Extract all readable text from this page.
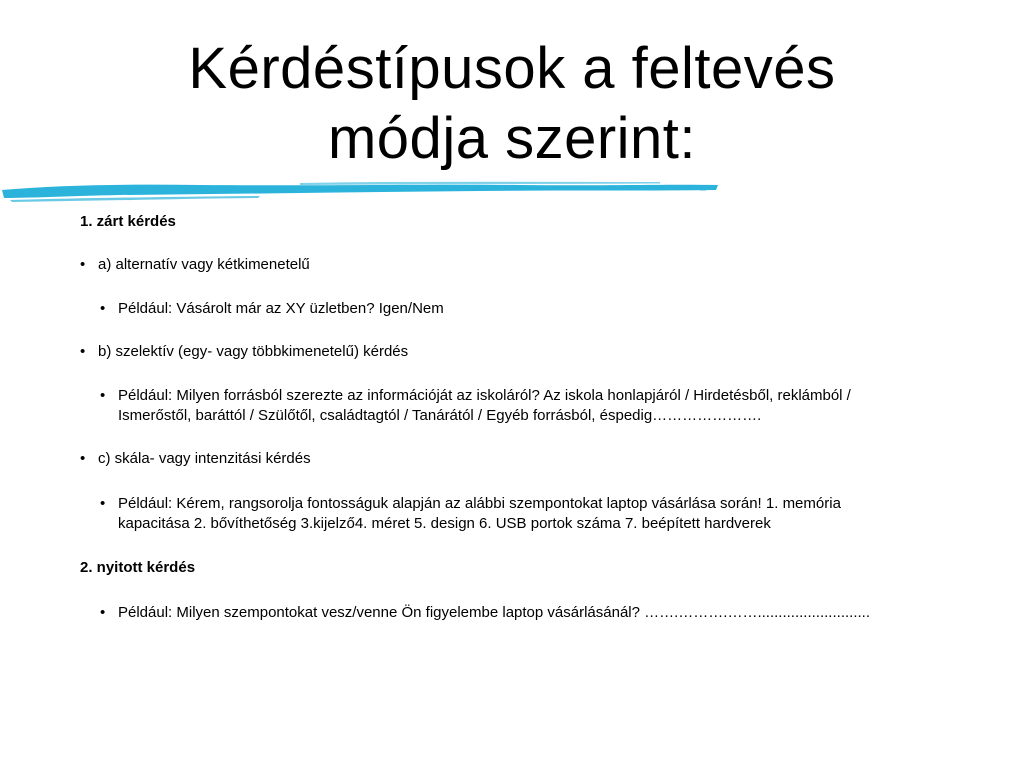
Kérdéstípusok a feltevés
módja szerint:

1. zárt kérdés

• a) alternatív vagy kétkimenetelű

• Például: Vásárolt már az XY üzletben? Igen/Nem

• b) szelektív (egy- vagy többkimenetelű) kérdés

• Például: Milyen forrásból szerezte az információját az iskoláról? Az iskola honlapjáról / Hirdetésből, reklámból / Ismerőstől, baráttól / Szülőtől, családtagtól / Tanárától / Egyéb forrásból, éspedig………………….

• c) skála- vagy intenzitási kérdés

• Például: Kérem, rangsorolja fontosságuk alapján az alábbi szempontokat laptop vásárlása során! 1. memória kapacitása 2. bővíthetőség 3.kijelző4. méret 5. design 6. USB portok száma 7. beépített hardverek

2. nyitott kérdés

• Például: Milyen szempontokat vesz/venne Ön figyelembe laptop vásárlásánál? …….……….……...........................
